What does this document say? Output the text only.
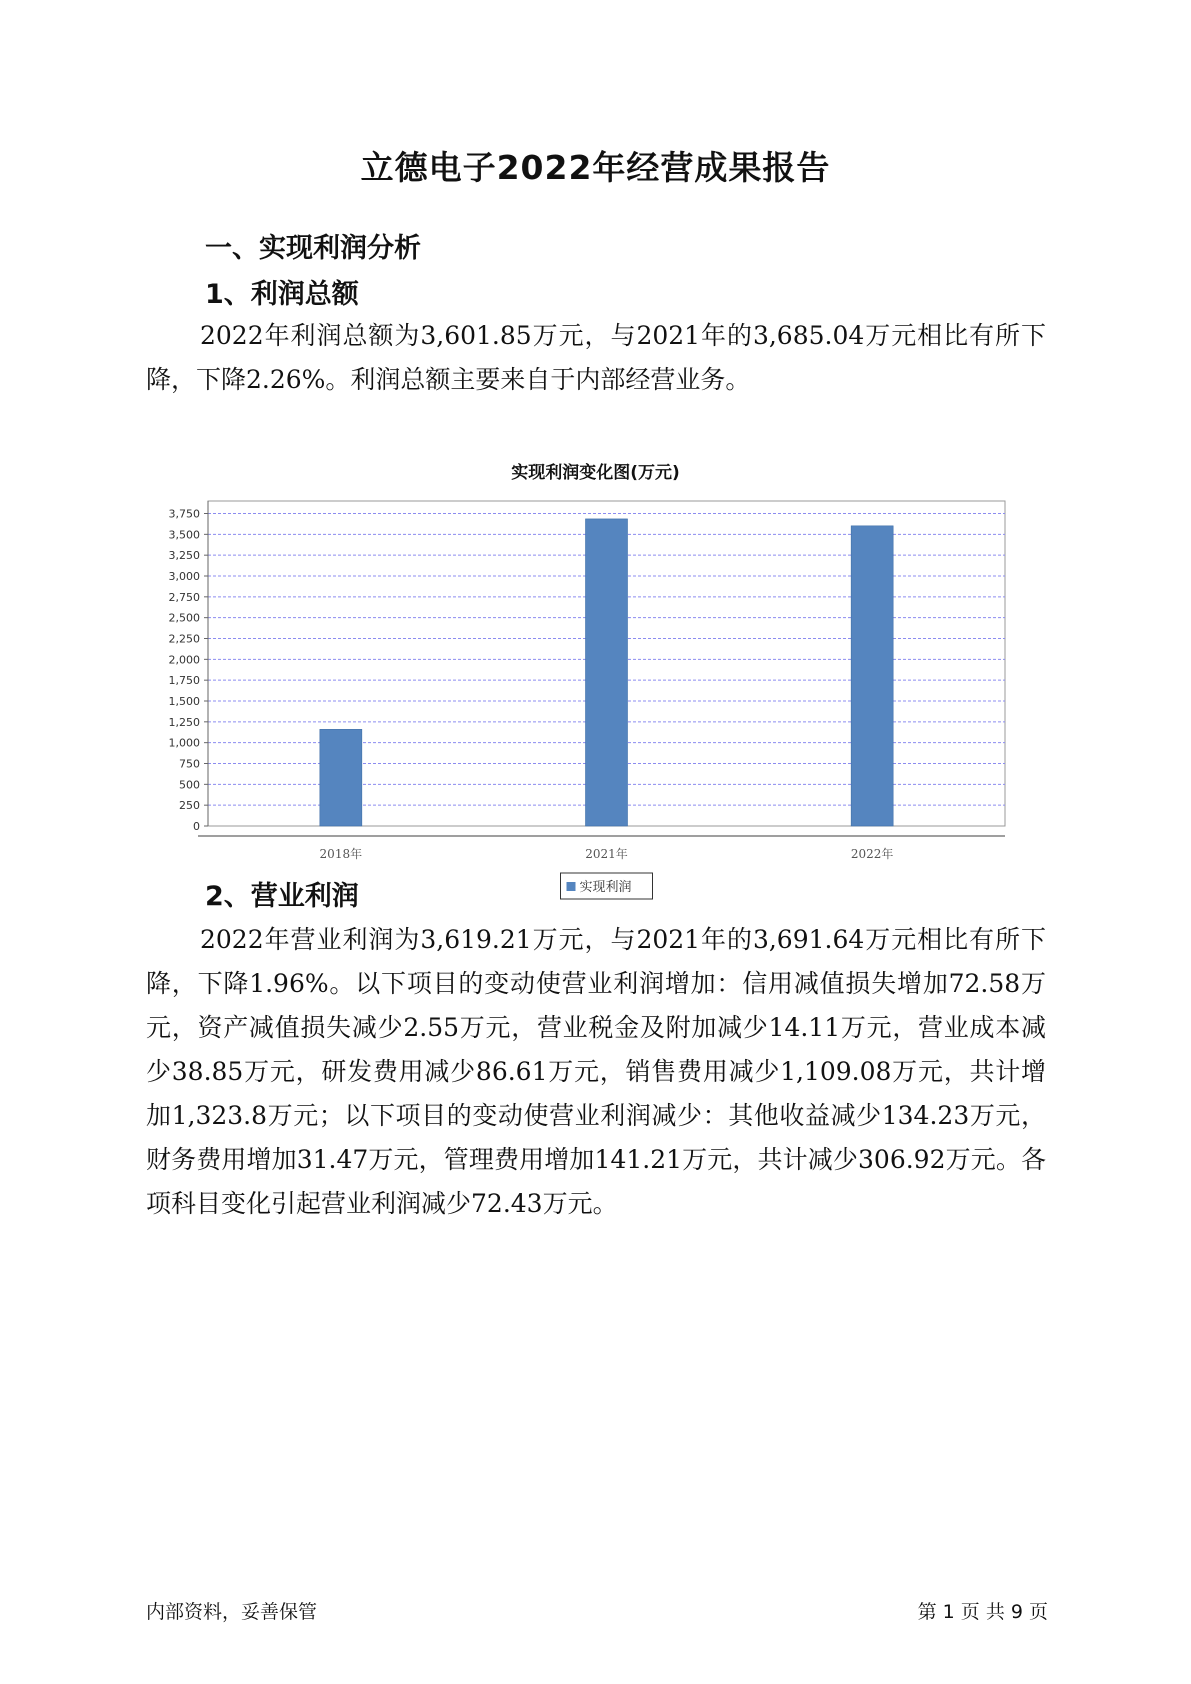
立德电子2022年经营成果报告
一、实现利润分析
1、利润总额

2022年利润总额为3,601.85万元，与2021年的3,685.04万元相比有所下降，下降2.26%。利润总额主要来自于内部经营业务。

实现利润变化图(万元)
0
250
500
750
1,000
1,250
1,500
1,750
2,000
2,250
2,500
2,750
3,000
3,250
3,500
3,750
2018年	2021年	2022年
实现利润
2、营业利润

2022年营业利润为3,619.21万元，与2021年的3,691.64万元相比有所下降，下降1.96%。以下项目的变动使营业利润增加：信用减值损失增加72.58万元，资产减值损失减少2.55万元，营业税金及附加减少14.11万元，营业成本减少38.85万元，研发费用减少86.61万元，销售费用减少1,109.08万元，共计增加1,323.8万元；以下项目的变动使营业利润减少：其他收益减少134.23万元，财务费用增加31.47万元，管理费用增加141.21万元，共计减少306.92万元。各项科目变化引起营业利润减少72.43万元。

内部资料，妥善保管	第 1 页 共 9 页
